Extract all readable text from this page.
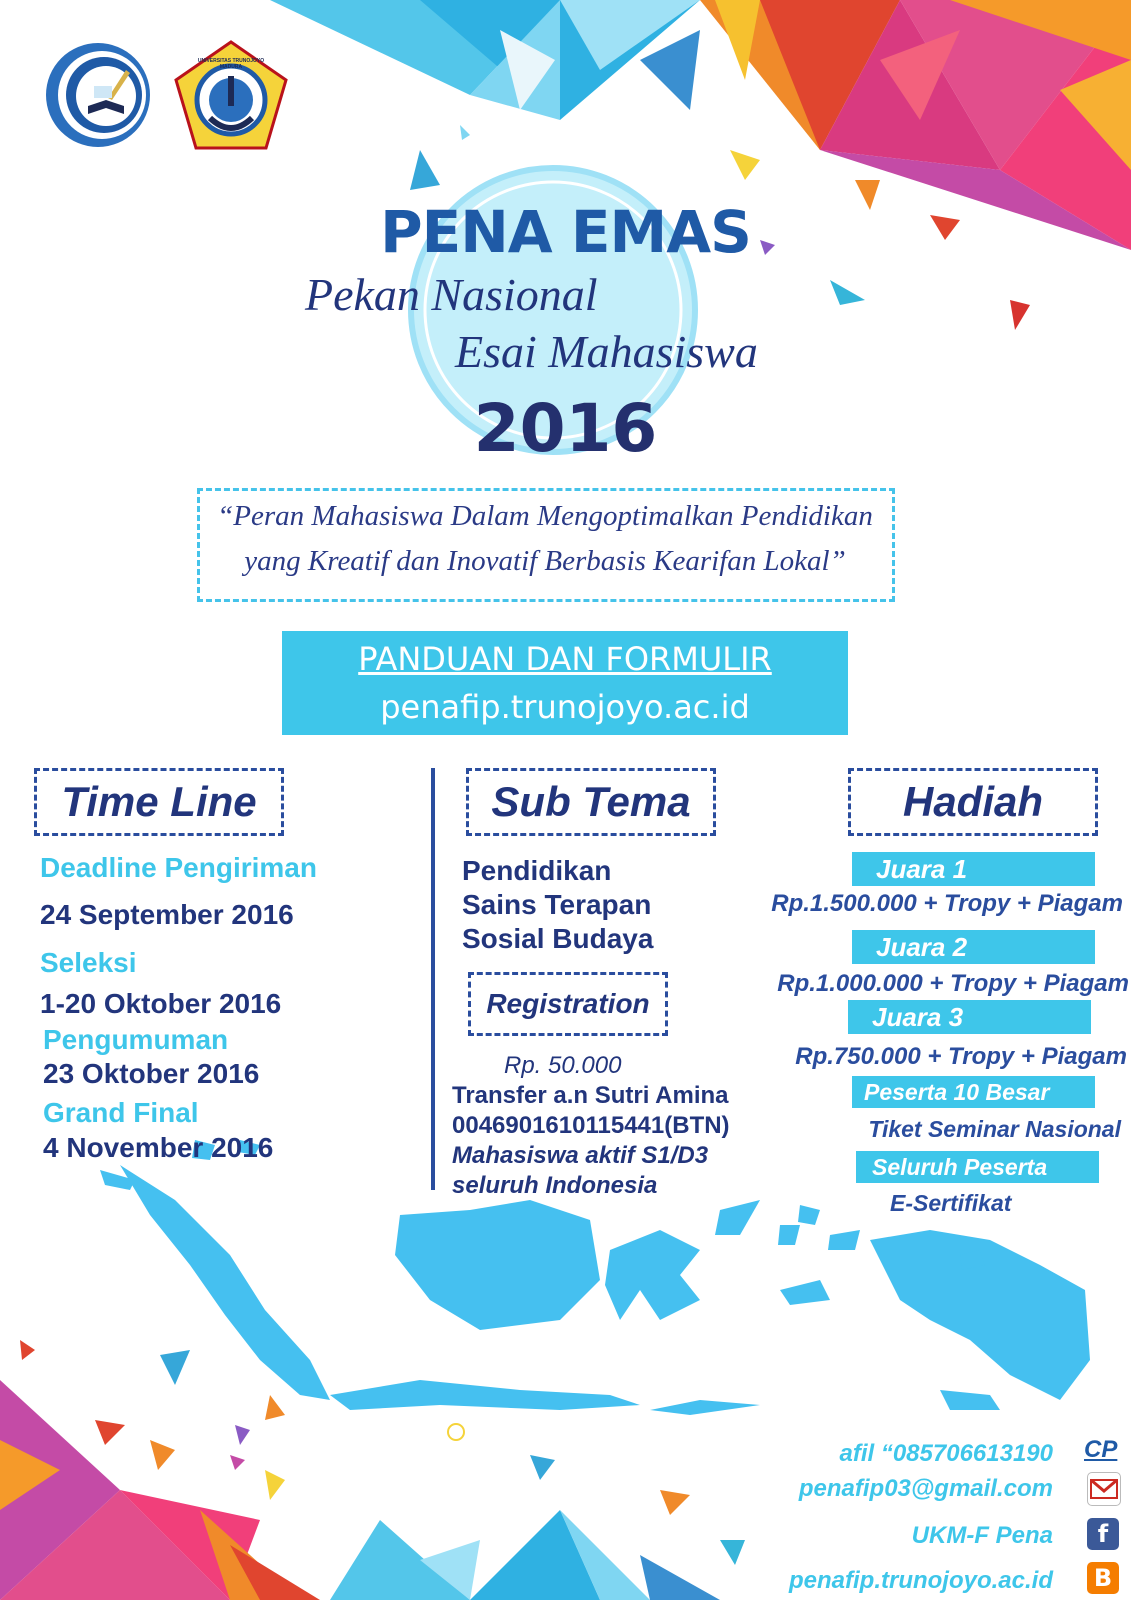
UNIVERSITAS TRUNOJOYO MADURA
PENA EMAS
Pekan Nasional
Esai Mahasiswa
2016
“Peran Mahasiswa Dalam Mengoptimalkan Pendidikan
yang Kreatif dan Inovatif Berbasis Kearifan Lokal”
PANDUAN DAN FORMULIR
penafip.trunojoyo.ac.id
Time Line
Deadline Pengiriman
24 September 2016
Seleksi
1-20 Oktober 2016
Pengumuman
23 Oktober 2016
Grand Final
4 November 2016
Sub Tema
Pendidikan
Sains Terapan
Sosial Budaya
Registration
Rp. 50.000
Transfer a.n Sutri Amina
0046901610115441(BTN)
Mahasiswa aktif S1/D3
seluruh Indonesia
Hadiah
Juara 1
Rp.1.500.000 + Tropy + Piagam
Juara 2
Rp.1.000.000 + Tropy + Piagam
Juara 3
Rp.750.000 + Tropy + Piagam
Peserta 10 Besar
Tiket Seminar Nasional
Seluruh Peserta
E-Sertifikat
afil “085706613190 CP
penafip03@gmail.com
UKM-F Pena	f
penafip.trunojoyo.ac.id B
